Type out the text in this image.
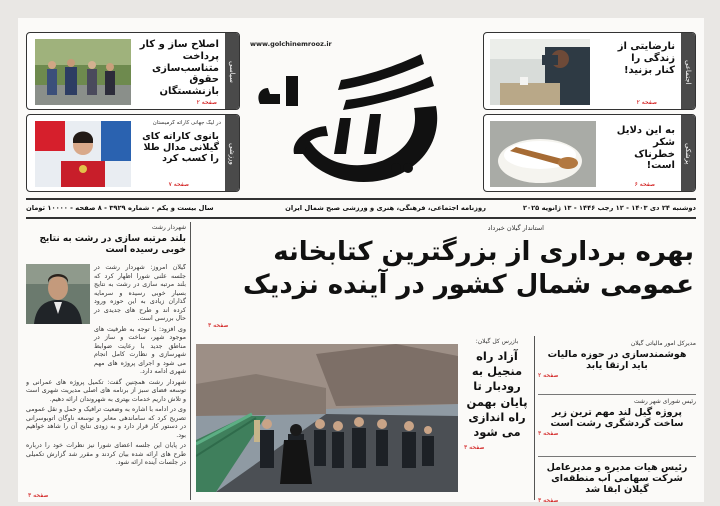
اجتماعی
نارضایتی از زندگی را کنار بزنید!
صفحه ۲
پزشکی
به این دلایل شکر خطرناک است!
صفحه ۶
www.golchinemrooz.ir
سیاسی
اصلاح ساز و کار پرداخت متناسب‌سازی حقوق بازنشستگان
صفحه ۲
ورزشی
در لیگ جهانی کاراته گرمیستان
بانوی کاراته کای گیلانی مدال طلا را کسب کرد
صفحه ۷
دوشنبه ۲۴ دی ۱۴۰۳ - ۱۲ رجب ۱۴۴۶ - ۱۳ ژانویه ۲۰۲۵
روزنامه اجتماعی، فرهنگی، هنری و ورزشی صبح شمال ایران
سال بیست و یکم - شماره ۳۹۲۹ - ۸ صفحه - ۱۰۰۰۰ تومان
استاندار گیلان خبرداد
بهره برداری از بزرگترین کتابخانه
عمومی شمال کشور در آینده نزدیک
صفحه ۳
مدیرکل امور مالیاتی گیلان
هوشمندسازی در حوزه مالیات باید ارتقا یابد
صفحه ۲
رئیس شورای شهر رشت
پروژه گیل لند مهم ترین زیر ساخت گردشگری رشت است
صفحه ۳
رئیس هیات مدیره و مدیرعامل شرکت سهامی آب منطقه‌ای گیلان ابقا شد
صفحه ۳
بازرس کل گیلان:
آزاد راه منجیل به رودبار تا پایان بهمن راه اندازی می شود
صفحه ۳
شهردار رشت
بلند مرتبه سازی در رشت به نتایج خوبی رسیده است

گیلان امروز: شهردار رشت در جلسه علنی شورا اظهار کرد که بلند مرتبه سازی در رشت به نتایج بسیار خوبی رسیده و سرمایه گذاران زیادی به این حوزه ورود کرده اند و طرح های جدیدی در حال بررسی است.

وی افزود: با توجه به ظرفیت های موجود شهر، ساخت و ساز در مناطق جدید با رعایت ضوابط شهرسازی و نظارت کامل انجام می شود و اجرای پروژه های مهم شهری ادامه دارد.

شهردار رشت همچنین گفت: تکمیل پروژه های عمرانی و توسعه فضای سبز از برنامه های اصلی مدیریت شهری است و تلاش داریم خدمات بهتری به شهروندان ارائه دهیم.

وی در ادامه با اشاره به وضعیت ترافیک و حمل و نقل عمومی تصریح کرد که ساماندهی معابر و توسعه ناوگان اتوبوسرانی در دستور کار قرار دارد و به زودی نتایج آن را شاهد خواهیم بود.

در پایان این جلسه اعضای شورا نیز نظرات خود را درباره طرح های ارائه شده بیان کردند و مقرر شد گزارش تکمیلی در جلسات آینده ارائه شود.

صفحه ۳
